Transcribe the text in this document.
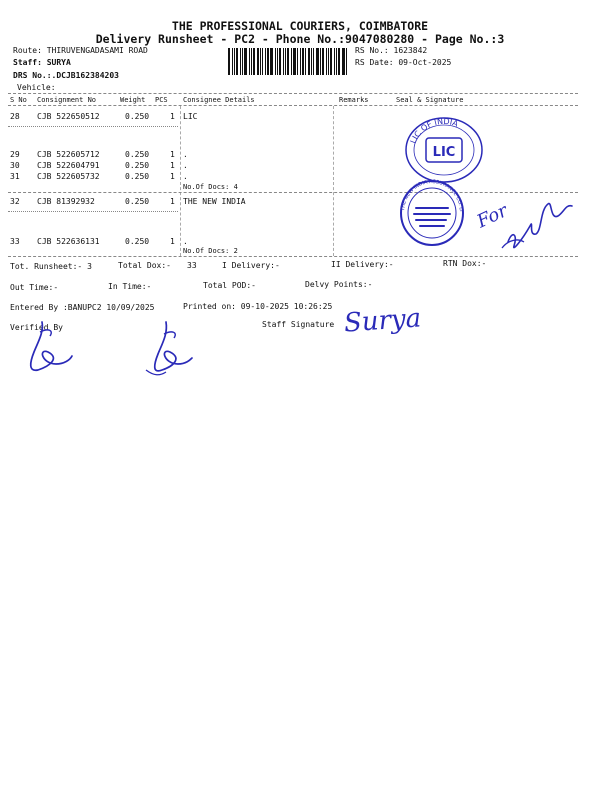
THE PROFESSIONAL COURIERS, COIMBATORE
Delivery Runsheet - PC2 - Phone No.:9047080280 - Page No.:3
Route: THIRUVENGADASAMI ROAD
Staff: SURYA
DRS No.:.DCJB162384203
Vehicle:
RS No.: 1623842
RS Date: 09-Oct-2025
S No Consignment No	Weight PCS Consignee Details	Remarks	Seal & Signature
28 CJB 522650512	0.250	1 LIC
29 CJB 522605712	0.250	1 .
30 CJB 522604791	0.250	1 .
31 CJB 522605732	0.250	1 .
No.Of Docs: 4
32 CJB 81392932	0.250	1 THE NEW INDIA
33 CJB 522636131	0.250	1 .
No.Of Docs: 2
Tot. Runsheet:- 3	Total Dox:- 33	I Delivery:-	II Delivery:-	RTN Dox:-
Out Time:-	In Time:-	Total POD:-	Delvy Points:-
Entered By :BANUPC2 10/09/2025	Printed on: 09-10-2025 10:26:25
Verified By	Staff Signature
LIC OF INDIA
LIC
THE NEW INDIA ASSURANCE CO. LT For
Surya
